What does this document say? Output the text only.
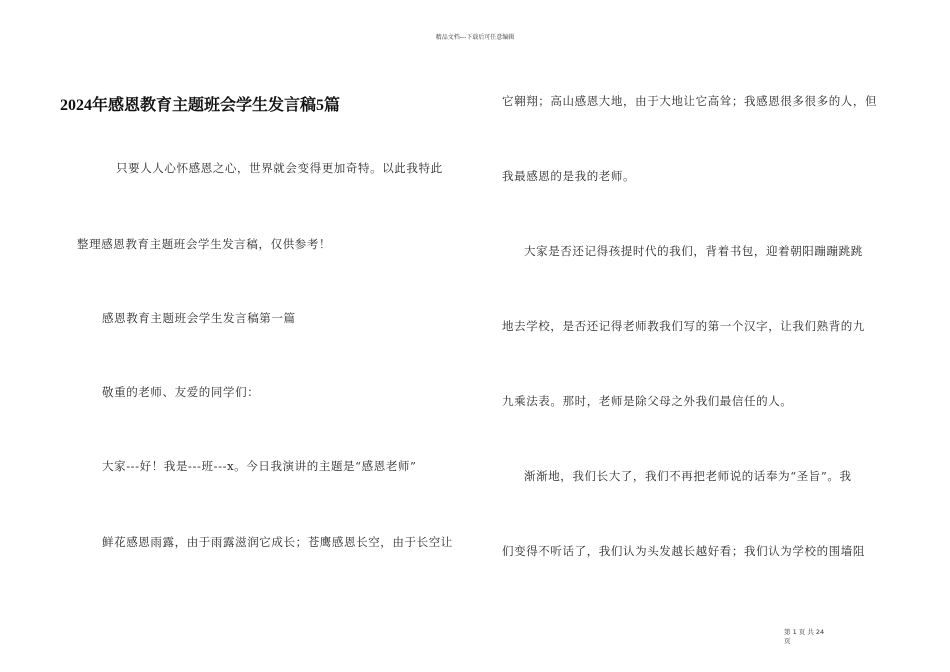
精品文档---下载后可任意编辑
2024年感恩教育主题班会学生发言稿5篇
只要人人心怀感恩之心，世界就会变得更加奇特。以此我特此
整理感恩教育主题班会学生发言稿，仅供参考！
感恩教育主题班会学生发言稿第一篇
敬重的老师、友爱的同学们：
大家---好！我是---班---x。今日我演讲的主题是“感恩老师”
鲜花感恩雨露，由于雨露滋润它成长；苍鹰感恩长空，由于长空让
它翱翔；高山感恩大地，由于大地让它高耸；我感恩很多很多的人，但
我最感恩的是我的老师。
大家是否还记得孩提时代的我们，背着书包，迎着朝阳蹦蹦跳跳
地去学校，是否还记得老师教我们写的第一个汉字，让我们熟背的九
九乘法表。那时，老师是除父母之外我们最信任的人。
渐渐地，我们长大了，我们不再把老师说的话奉为“圣旨”。我
们变得不听话了，我们认为头发越长越好看；我们认为学校的围墙阻
第 1 页 共 24
页
